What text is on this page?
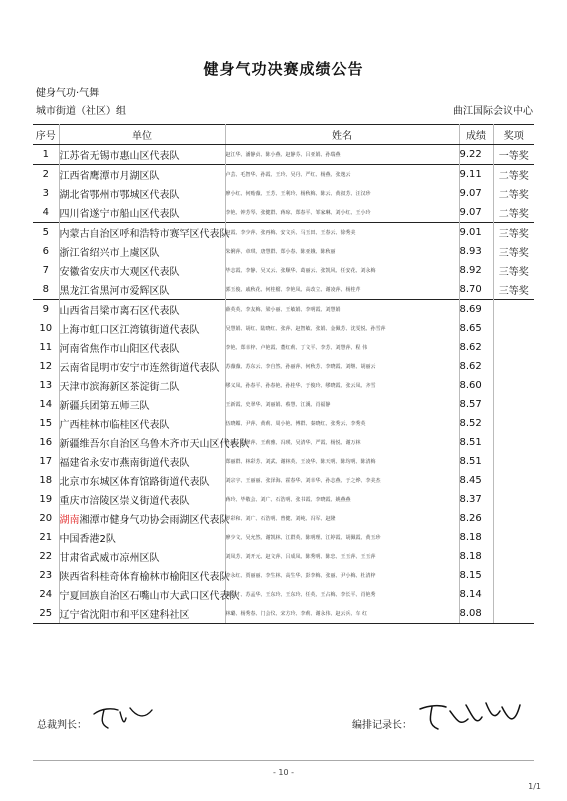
健身气功决赛成绩公告
健身气功·气舞
城市街道（社区）组	曲江国际会议中心
序号	单位	姓名	成绩	奖项
1	江苏省无锡市惠山区代表队	赵江华、潘静贞、陈小燕、赵静芬、吕亚娟、孙瑞燕	9.22	一等奖
2	江西省鹰潭市月湖区队	卢芸、毛智华、孙霞、王玲、吴丹、严红、杨燕、张逸云	9.11	二等奖
3	湖北省鄂州市鄂城区代表队	廖小红、何贻薇、王芳、王利玲、杨秋梅、陈云、黄叔芳、汪汉珍	9.07	二等奖
4	四川省遂宁市船山区代表队	李艳、钟芳琴、张健群、蒋琼、郑春平、邹家琳、刘小红、王小玲	9.07	二等奖
5	内蒙古自治区呼和浩特市赛罕区代表队	赵霞、李少萍、张再梅、安文兵、马玉田、王春云、徐秀美	9.01	三等奖
6	浙江省绍兴市上虞区队	朱俐萍、章琪、唐慧群、郑小春、陈亚娥、陈秋丽	8.93	三等奖
7	安徽省安庆市大观区代表队	毕志霞、李静、吴又云、张顺华、葛丽云、张凯风、任安花、刘永梅	8.92	三等奖
8	黑龙江省黑河市爱辉区队	郭玉俊、戚秋花、何桂榴、李艳凤、高改立、谢凌萍、杨桂芹	8.70	三等奖
9	山西省吕梁市离石区代表队	薛英英、李友梅、梁小丽、王敏娟、李明霞、刘慧娟	8.69	
10	上海市虹口区江湾镇街道代表队	吴慧娟、胡红、陆晓红、张萍、赵智敏、张娟、金佩芳、沈雯悦、孙雪萍	8.65	
11	河南省焦作市山阳区代表队	李艳、郑幸梓、卢艳霞、董红莉、丁文平、李芳、刘慧萍、程 伟	8.62	
12	云南省昆明市安宁市连然街道代表队	苏薇薇、苏东云、李自然、孙丽萍、何秋芳、李晓霞、刘继、胡丽云	8.62	
13	天津市滨海新区茶淀街二队	缪义凤、孙春平、孙春艳、孙桂华、于俊玲、缪晓霞、张云凤、齐雪	8.60	
14	新疆兵团第五师三队	王新霞、史翠华、刘丽娟、蔡慧、江溪、肖福静	8.57	
15	广西桂林市临桂区代表队	伍晓媚、尹萍、黄莉、周小艳、傅群、秦晓红、张秀云、李秀英	8.52	
16	新疆维吾尔自治区乌鲁木齐市天山区代表队	杜娟、赵翠萍、王莉雅、冯瑛、吴清华、严霞、杨悦、谢万林	8.51	
17	福建省永安市燕南街道代表队	郑丽群、林彩芳、刘武、谢林英、王凌华、陈天明、陈均明、陈清梅	8.51	
18	北京市东城区体育馆路街道代表队	刘宗宇、王丽丽、张泽海、霍春华、刘幸华、孙志燕、于之烨、李美杰	8.45	
19	重庆市涪陵区崇义街道代表队	蒋玲、毕敬会、刘广、石浩明、张书霞、李晓霞、姚燕燕	8.37	
20	湖南湘潭市健身气功协会雨湖区代表队	罗彩和、刘广、石浩明、曾健、刘纯、冯军、赵隆	8.26	
21	中国香港2队	廖少文、吴允然、谢凯林、江群英、陈明理、江婷霞、胡佩霞、黄玉珍	8.18	
22	甘肃省武威市凉州区队	刘凤芳、刘开元、赵文萍、吕成凤、陈秀明、陈忠、王玉萍、王玉萍	8.18	
23	陕西省科桂奇体育榆林市榆阳区代表队	李永红、贾丽丽、李生林、高生华、彭李梅、张丽、尹小梅、杜清梓	8.15	
24	宁夏回族自治区石嘴山市大武口区代表队	刘凤才、苏孟华、王东玲、王东玲、任英、王占梅、李长平、肖艳秀	8.14	
25	辽宁省沈阳市和平区建科社区	林璐、杨秀春、门会仪、宋方玲、李莉、谢永伟、赵云兵、车 红	8.08	
总裁判长：	编排记录长：
- 10 -
1/1
